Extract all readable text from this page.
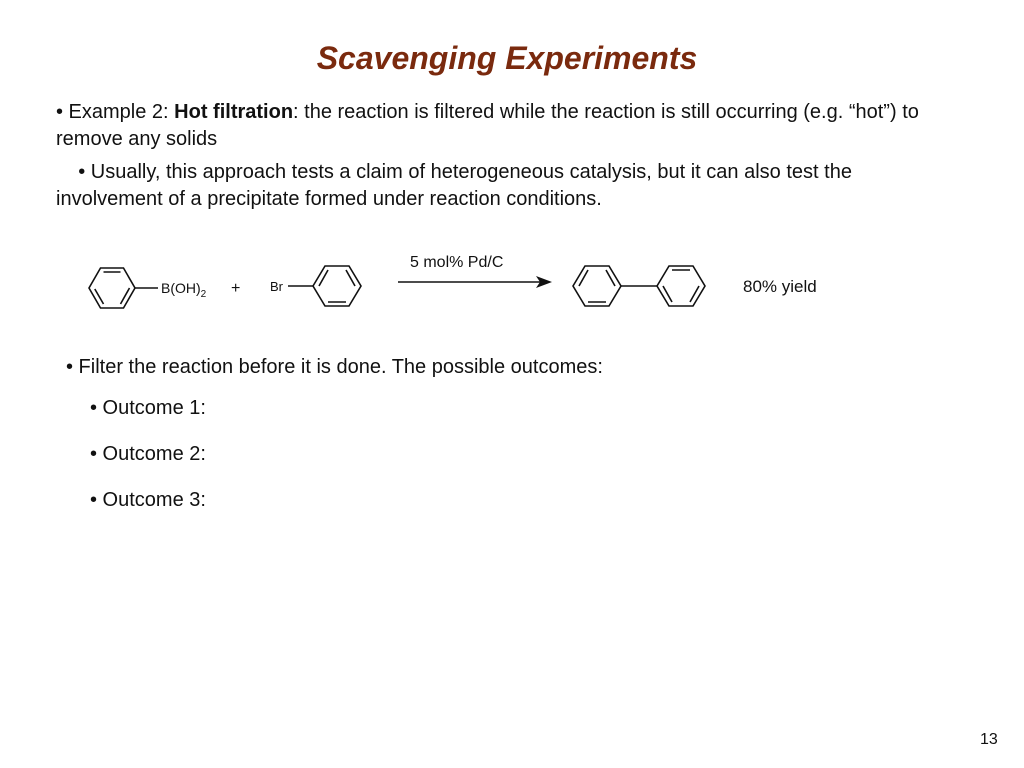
Scavenging Experiments

• Example 2: Hot filtration: the reaction is filtered while the reaction is still occurring (e.g. “hot”) to remove any solids

• Usually, this approach tests a claim of heterogeneous catalysis, but it can also test the involvement of a precipitate formed under reaction conditions.

$B(OH)_2 + Br$
5 mol% Pd/C
80% yield

• Filter the reaction before it is done. The possible outcomes:

• Outcome 1:

• Outcome 2:

• Outcome 3:

13
